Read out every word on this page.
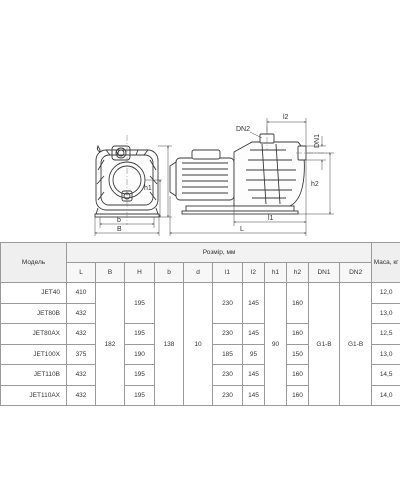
h1
b
B
DN2
l2
DN1
h2
l1
L
Модель	Розмір, мм											Маса, кг
	L	B	H	b	d	l1	l2	h1	h2	DN1	DN2	
JET40	410	182	195	138	10	230	145	90	160	G1-B	G1-B	12,0
JET80B	432											13,0
JET80AX	432		195			230	145		160			12,5
JET100X	375		190			185	95		150			13,0
JET110B	432		195			230	145		160			14,5
JET110AX	432		195			230	145		160			14,0
